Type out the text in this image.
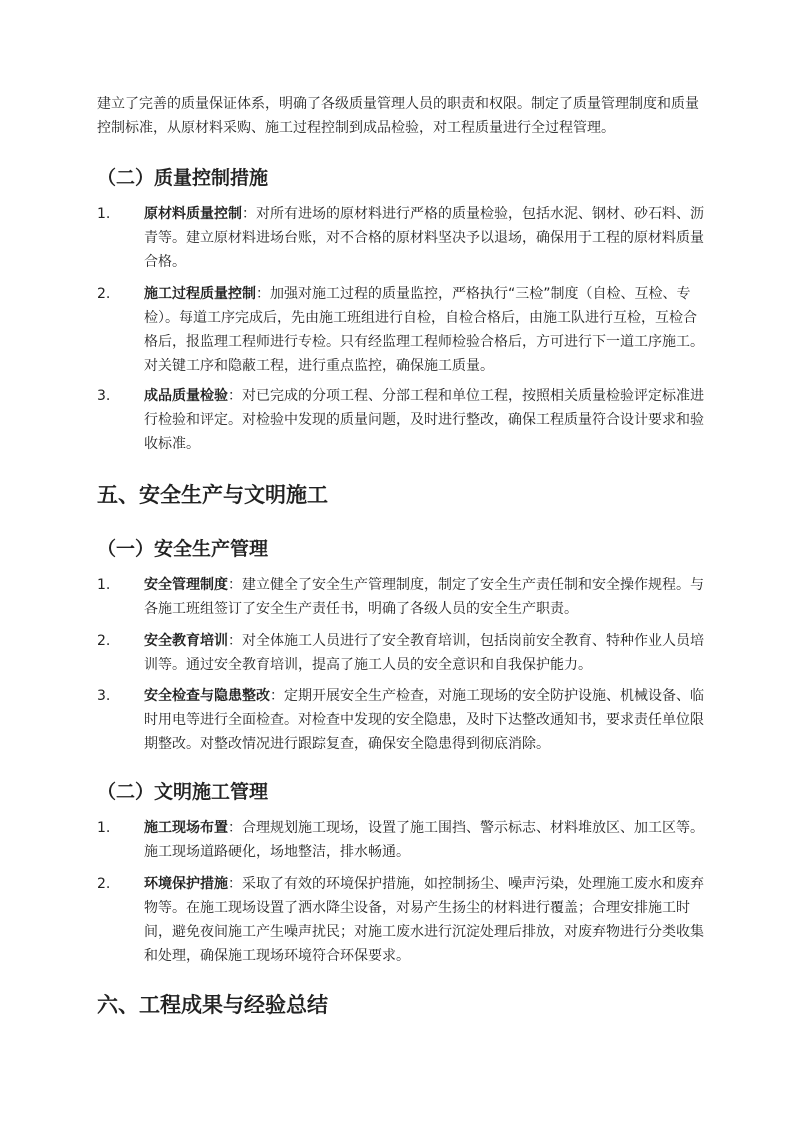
建立了完善的质量保证体系，明确了各级质量管理人员的职责和权限。制定了质量管理制度和质量控制标准，从原材料采购、施工过程控制到成品检验，对工程质量进行全过程管理。

（二）质量控制措施
1.	原材料质量控制：对所有进场的原材料进行严格的质量检验，包括水泥、钢材、砂石料、沥青等。建立原材料进场台账，对不合格的原材料坚决予以退场，确保用于工程的原材料质量合格。
2.	施工过程质量控制：加强对施工过程的质量监控，严格执行“三检”制度（自检、互检、专检）。每道工序完成后，先由施工班组进行自检，自检合格后，由施工队进行互检，互检合格后，报监理工程师进行专检。只有经监理工程师检验合格后，方可进行下一道工序施工。对关键工序和隐蔽工程，进行重点监控，确保施工质量。
3.	成品质量检验：对已完成的分项工程、分部工程和单位工程，按照相关质量检验评定标准进行检验和评定。对检验中发现的质量问题，及时进行整改，确保工程质量符合设计要求和验收标准。
五、安全生产与文明施工
（一）安全生产管理
1.	安全管理制度：建立健全了安全生产管理制度，制定了安全生产责任制和安全操作规程。与各施工班组签订了安全生产责任书，明确了各级人员的安全生产职责。
2.	安全教育培训：对全体施工人员进行了安全教育培训，包括岗前安全教育、特种作业人员培训等。通过安全教育培训，提高了施工人员的安全意识和自我保护能力。
3.	安全检查与隐患整改：定期开展安全生产检查，对施工现场的安全防护设施、机械设备、临时用电等进行全面检查。对检查中发现的安全隐患，及时下达整改通知书，要求责任单位限期整改。对整改情况进行跟踪复查，确保安全隐患得到彻底消除。
（二）文明施工管理
1.	施工现场布置：合理规划施工现场，设置了施工围挡、警示标志、材料堆放区、加工区等。施工现场道路硬化，场地整洁，排水畅通。
2.	环境保护措施：采取了有效的环境保护措施，如控制扬尘、噪声污染，处理施工废水和废弃物等。在施工现场设置了洒水降尘设备，对易产生扬尘的材料进行覆盖；合理安排施工时间，避免夜间施工产生噪声扰民；对施工废水进行沉淀处理后排放，对废弃物进行分类收集和处理，确保施工现场环境符合环保要求。
六、工程成果与经验总结
